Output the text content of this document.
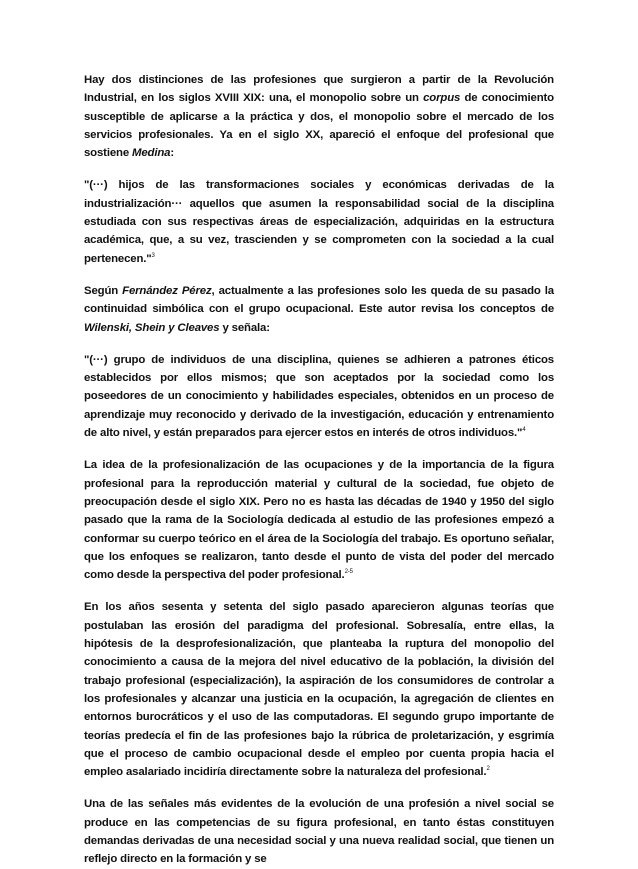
Hay dos distinciones de las profesiones que surgieron a partir de la Revolución Industrial, en los siglos XVIII XIX: una, el monopolio sobre un corpus de conocimiento susceptible de aplicarse a la práctica y dos, el monopolio sobre el mercado de los servicios profesionales. Ya en el siglo XX, apareció el enfoque del profesional que sostiene Medina:

"(···) hijos de las transformaciones sociales y económicas derivadas de la industrialización··· aquellos que asumen la responsabilidad social de la disciplina estudiada con sus respectivas áreas de especialización, adquiridas en la estructura académica, que, a su vez, trascienden y se comprometen con la sociedad a la cual pertenecen."$^3$

Según Fernández Pérez, actualmente a las profesiones solo les queda de su pasado la continuidad simbólica con el grupo ocupacional. Este autor revisa los conceptos de Wilenski, Shein y Cleaves y señala:

"(···) grupo de individuos de una disciplina, quienes se adhieren a patrones éticos establecidos por ellos mismos; que son aceptados por la sociedad como los poseedores de un conocimiento y habilidades especiales, obtenidos en un proceso de aprendizaje muy reconocido y derivado de la investigación, educación y entrenamiento de alto nivel, y están preparados para ejercer estos en interés de otros individuos."$^4$

La idea de la profesionalización de las ocupaciones y de la importancia de la figura profesional para la reproducción material y cultural de la sociedad, fue objeto de preocupación desde el siglo XIX. Pero no es hasta las décadas de 1940 y 1950 del siglo pasado que la rama de la Sociología dedicada al estudio de las profesiones empezó a conformar su cuerpo teórico en el área de la Sociología del trabajo. Es oportuno señalar, que los enfoques se realizaron, tanto desde el punto de vista del poder del mercado como desde la perspectiva del poder profesional.$^{2-5}$

En los años sesenta y setenta del siglo pasado aparecieron algunas teorías que postulaban las erosión del paradigma del profesional. Sobresalía, entre ellas, la hipótesis de la desprofesionalización, que planteaba la ruptura del monopolio del conocimiento a causa de la mejora del nivel educativo de la población, la división del trabajo profesional (especialización), la aspiración de los consumidores de controlar a los profesionales y alcanzar una justicia en la ocupación, la agregación de clientes en entornos burocráticos y el uso de las computadoras. El segundo grupo importante de teorías predecía el fin de las profesiones bajo la rúbrica de proletarización, y esgrimía que el proceso de cambio ocupacional desde el empleo por cuenta propia hacia el empleo asalariado incidiría directamente sobre la naturaleza del profesional.$^2$

Una de las señales más evidentes de la evolución de una profesión a nivel social se produce en las competencias de su figura profesional, en tanto éstas constituyen demandas derivadas de una necesidad social y una nueva realidad social, que tienen un reflejo directo en la formación y se
